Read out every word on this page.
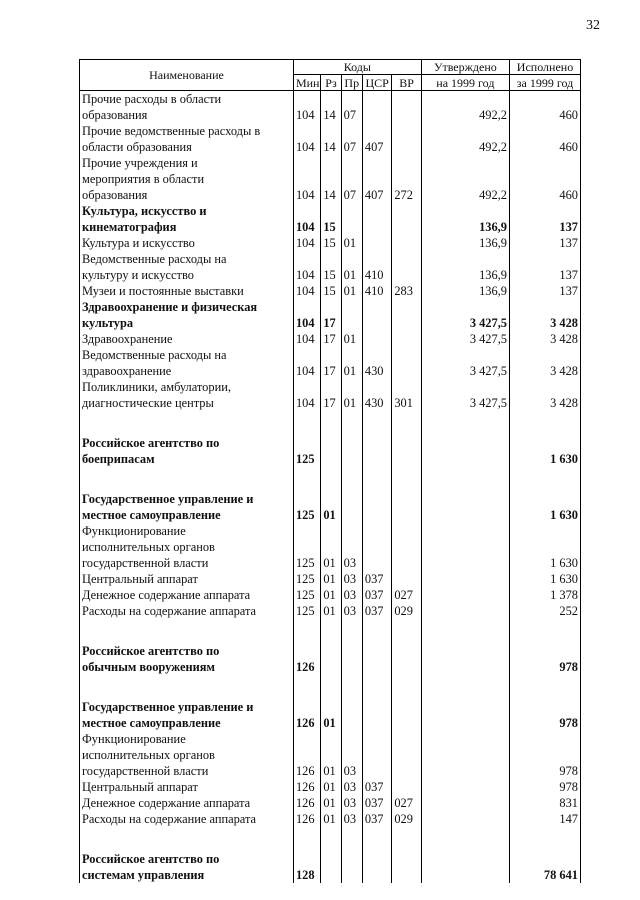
32
Наименование	Коды					Утверждено	Исполнено
	Мин	Рз	Пр	ЦСР	ВР	на 1999 год	за 1999 год

Прочие расходы в области
образования	104	14	07			492,2	460

Прочие ведомственные расходы в
области образования	104	14	07	407		492,2	460

Прочие учреждения и
мероприятия в области
образования	104	14	07	407	272	492,2	460

Культура, искусство и
кинематография	104	15				136,9	137

Культура и искусство	104	15	01			136,9	137

Ведомственные расходы на
культуру и искусство	104	15	01	410		136,9	137

Музеи и постоянные выставки	104	15	01	410	283	136,9	137

Здравоохранение и физическая
культура	104	17				3 427,5	3 428

Здравоохранение	104	17	01			3 427,5	3 428

Ведомственные расходы на
здравоохранение	104	17	01	430		3 427,5	3 428

Поликлиники, амбулатории,
диагностические центры	104	17	01	430	301	3 427,5	3 428

Российское агентство по
боеприпасам	125						1 630

Государственное управление и
местное самоуправление	125	01					1 630

Функционирование
исполнительных органов
государственной власти	125	01	03				1 630

Центральный аппарат	125	01	03	037			1 630

Денежное содержание аппарата	125	01	03	037	027		1 378

Расходы на содержание аппарата	125	01	03	037	029		252

Российское агентство по
обычным вооружениям	126						978

Государственное управление и
местное самоуправление	126	01					978

Функционирование
исполнительных органов
государственной власти	126	01	03				978

Центральный аппарат	126	01	03	037			978

Денежное содержание аппарата	126	01	03	037	027		831

Расходы на содержание аппарата	126	01	03	037	029		147

Российское агентство по
системам управления	128						78 641
